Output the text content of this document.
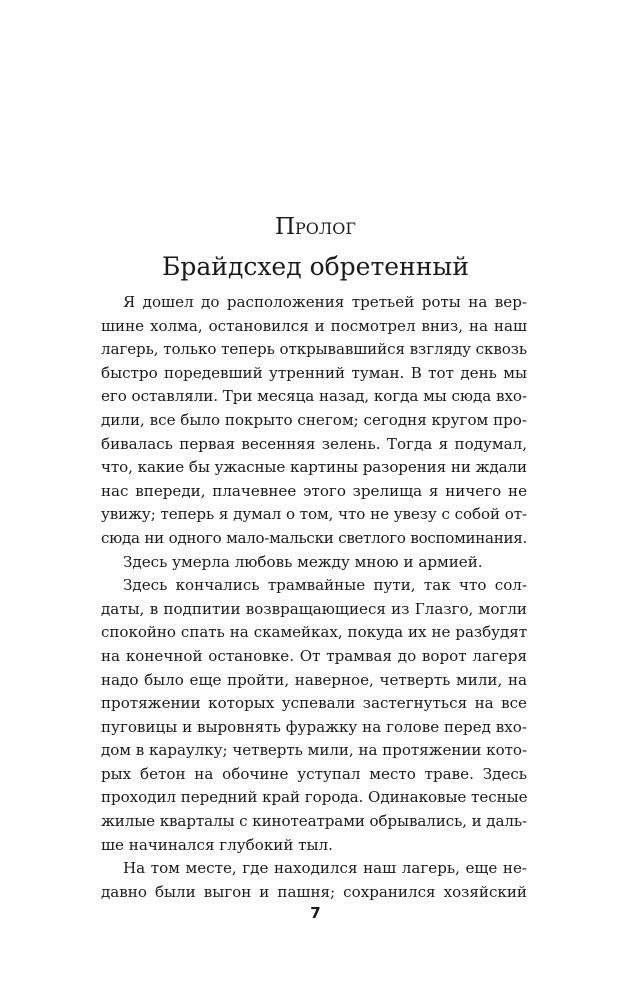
Пролог
Брайдсхед обретенный
Я дошел до расположения третьей роты на вер-
шине холма, остановился и посмотрел вниз, на наш
лагерь, только теперь открывавшийся взгляду сквозь
быстро поредевший утренний туман. В тот день мы
его оставляли. Три месяца назад, когда мы сюда вхо-
дили, все было покрыто снегом; сегодня кругом про-
бивалась первая весенняя зелень. Тогда я подумал,
что, какие бы ужасные картины разорения ни ждали
нас впереди, плачевнее этого зрелища я ничего не
увижу; теперь я думал о том, что не увезу с собой от-
сюда ни одного мало-мальски светлого воспоминания.
Здесь умерла любовь между мною и армией.
Здесь кончались трамвайные пути, так что сол-
даты, в подпитии возвращающиеся из Глазго, могли
спокойно спать на скамейках, покуда их не разбудят
на конечной остановке. От трамвая до ворот лагеря
надо было еще пройти, наверное, четверть мили, на
протяжении которых успевали застегнуться на все
пуговицы и выровнять фуражку на голове перед вхо-
дом в караулку; четверть мили, на протяжении кото-
рых бетон на обочине уступал место траве. Здесь
проходил передний край города. Одинаковые тесные
жилые кварталы с кинотеатрами обрывались, и даль-
ше начинался глубокий тыл.
На том месте, где находился наш лагерь, еще не-
давно были выгон и пашня; сохранился хозяйский
7
